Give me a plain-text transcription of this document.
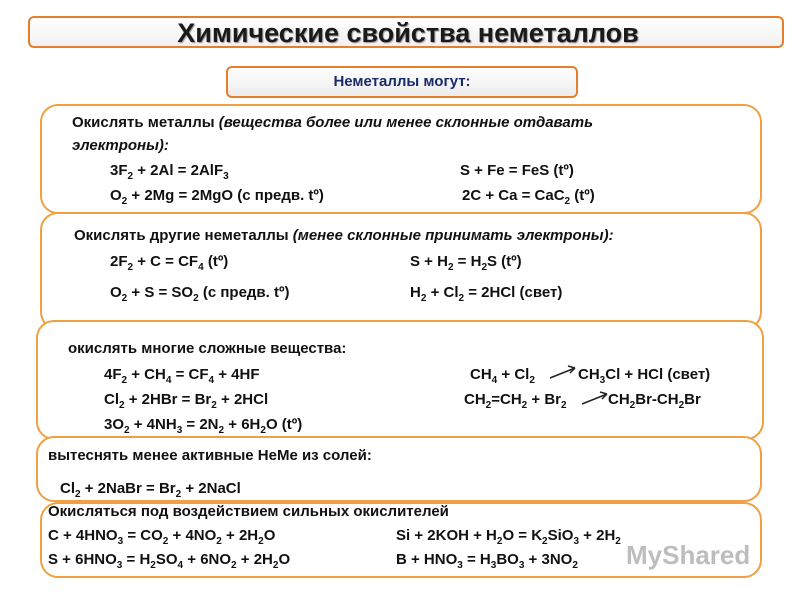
Химические свойства неметаллов
Неметаллы могут:
Окислять металлы (вещества более или менее склонные отдавать
электроны):
$3F_2 + 2Al = 2AlF_3$	S + Fe = FeS (tº)
$O_2 + 2Mg = 2MgO$ (с предв. tº)	2C + Ca = CaC$_2$ (tº)
Окислять другие неметаллы (менее склонные принимать электроны):
$2F_2 + C = CF_4$ (tº)	$S + H_2 = H_2S$ (tº)
$O_2 + S = SO_2$ (с предв. tº)	$H_2 + Cl_2 = 2HCl$ (свет)
окислять многие сложные вещества:
$4F_2 + CH_4 = CF_4 + 4HF$	$CH_4 + Cl_2$	$CH_3Cl$ + HCl (свет)
$Cl_2 + 2HBr = Br_2 + 2HCl$	$CH_2=CH_2 + Br_2$	$CH_2Br-CH_2Br$
$3O_2 + 4NH_3 = 2N_2 + 6H_2O$ (tº)
вытеснять менее активные НеМе из солей:
$Cl_2$ + 2NaBr = $Br_2$ + 2NaCl
Окисляться под воздействием сильных окислителей
$C + 4HNO_3 = CO_2 + 4NO_2 + 2H_2O$	$Si + 2KOH + H_2O = K_2SiO_3 + 2H_2$
$S + 6HNO_3 = H_2SO_4 + 6NO_2 + 2H_2O$	$B + HNO_3 = H_3BO_3 + 3NO_2$ MyShared
